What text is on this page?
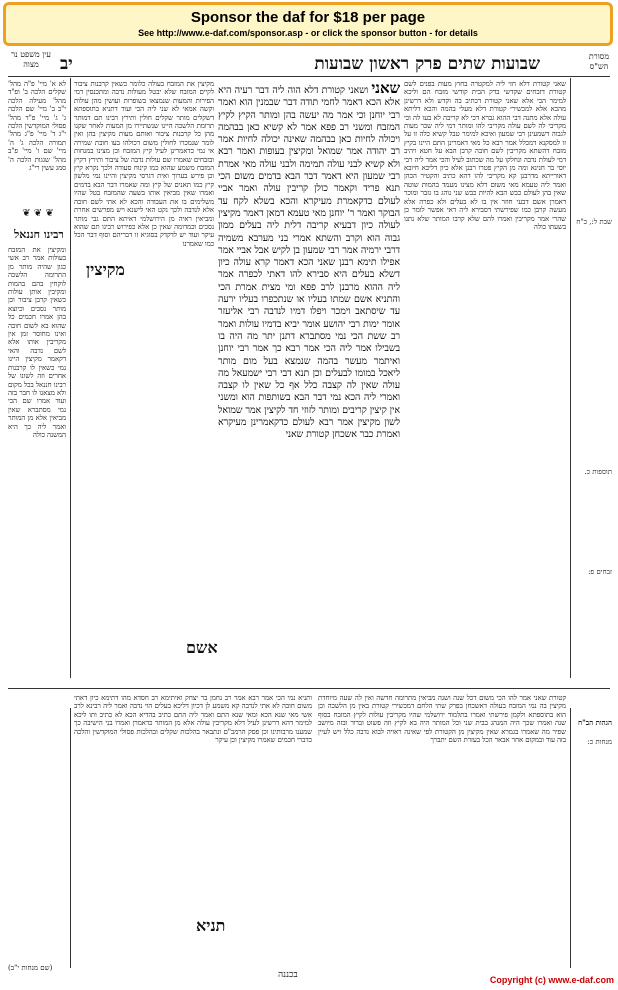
Sponsor the daf for $18 per page
See http://www.e-daf.com/sponsor.asp - or click the sponsor button - for details
מסורת הש"ס
עין משפט נר מצוה	שבועות שתים פרק ראשון שבועות
יב
שבת ל:, כ"ח
תוספות כ.
זבחים פ:
הגהות הב"ח
מנחות כ:
לא א' מיי' פ"ה מהל' שקלים הלכה ב' ופ"ד מהל' מעילה הלכה י"ב ב' מיי' שם הלכה ג' ג' מיי' פ"ד מהל' פסולי המוקדשין הלכה י"ג ד' מיי' פ"ג מהל' תמורה הלכה ג' ה' מיי' שם ו' מיי' פ"ב מהל' שגגות הלכה ה' סמג עשין רי"ג
❦ ❦ ❦
רבינו חננאל
ומקיצין את המזבח בעולות אמר רב אשי כגון שהיה מותר מן התרומה הלשכה לוקחין בהם בהמות ומקיבין אותן עולות כשאין קרבן ציבור וכן מותר נסכים וכיוצא בהן אמרו חכמים כל שהוא בא לשום חובה ואינו מחוסר זמן אין מקריבין אותו אלא לשם נדבה והאי דקאמר מקיצין היינו נמי כשאין לו קרבנות אחרים וזה לשונו של רבינו חננאל בכל מקום ולא מצאנו לו חבר בזה ועוד אמרו שם הכי נמי מסתברא שאין מביאין אלא מן המותר ואמר ליה כך היא המשנה כולה
מקיצין את המזבח בעולה כלומר כשאין קרבנות ציבור לקיים המזבח שלא יבטל מעולות נדבה ומתכנסין דמי הפירות והמעות שנמצאו בשופרות ועושין מהן עולות וקשה אמאי לא שני ליה הכי ועוד דתניא בתוספתא דשקלים מותר שקלים חולין ותירץ רבינו תם דמותר תרומת הלשכה היינו שנשתיירו מן המעות לאחר שקנו מהן כל קרבנות ציבור ואותם מעות מקיצין בהן ואין לומר שנמכרו לחולין משום דכולהו בעו חובת שמירה אי נמי כדאמרינן לעיל קיץ המזבח וכן מצינו במנחות ובזבחים שאמרו שם עולות נדבה של ציבור ותירץ דקיץ המזבח משמע שהוא כמו קינוח סעודה ולכך נקרא קיץ וכן פירש בערוך ואית דגרסי מקיצין והיינו נמי מלשון קיץ כמו תאנים של קיץ ומה שאמרו דבר הבא בדמים ואמרו שאין מביאין אותו בשעה שהמזבח בטל שהיו משלימים בו את העבודה והכא לא אתי לשם חובה אלא לנדבה ולכך נקט האי לישנא ויש מפרשים אחרת ומביאין ראיה מן הירושלמי דאיתא התם גבי מותר נסכים וכמדומה שאין כן אלא כפירוש רבינו תם שהוא עיקר ועוד יש לדקדק בסוגיא זו דבריהם וסוף דבר הכל כמו שאמרנו
מקיצין
אשם
שאני ושאני קטורת דלא הוה ליה דבר רעיה היא אלא הכא דאמר לחמי תודה דבר שבמנין הוא ואמר רבי יוחנן וכי אמר מה יעשה בהן ומותר הקיץ לקיץ המזבח ומשני רב פפא אמר לא קשיא כאן בבהמה ויכולה לחיות כאן בבהמה שאינה יכולה לחיות אמר רב יהודה אמר שמואל ומקיצין בעופות ואמר רבא ולא קשיא לבני עולה תמימה ולבני עולה מאי אמרת רבי שמעון היא דאמר דבר הבא בדמים משום הכי תנא פריד וקאמר כולן קריבין עולה ואמר אביי לעולם כדקאמרת מעיקרא והכא בשלא לקח עד הבוקר ואמר ר' יוחנן מאי טעמא דמאן דאמר מקיצין לעולה כיון דבעיא קריבה דלית ליה בעלים ממון גבוה הוא וקרב והשתא אמרי בני מערבא משמיה דרבי ירמיה אמר רבי שמעון בן לקיש אבל אביי אמר אפילו תימא רבנן שאני הכא דאמר קרא עולה כיון דשלא בעלים היא סבירא להו דאתי לכפרה אמר ליה ההוא מרבנן לרב פפא ומי מצית אמרת הכי והתניא אשם שמתו בעליו או שנתכפרו בעליו ירעה עד שיסתאב וימכר ויפלו דמיו לנדבה רבי אליעזר אומר ימות רבי יהושע אומר יביא בדמיו עולות ואמר רב ששת הכי נמי מסתברא דתנן יתר מה היה בו בשבילו אמר ליה הכי אמר רבא כך אמר רבי יוחנן ואיתמר מעשר בהמה שנמצא בעל מום מותר ליאכל במומו לבעלים וכן תנא דבי רבי ישמעאל מה עולה שאין לה קצבה כלל אף כל שאין לו קצבה ואמרי ליה הכא נמי דבר הבא בשותפות הוא ומשני אין קיצין קריבים ומותר לזוזי חד לקיצין אמר שמואל לשון מקיצין אמר רבא לעולם כדקאמרינן מעיקרא ואמרת כבר אשכחן קטורת שאני
שאני קטורת דלא חזי ליה למקטרה בחוץ מעות בפנים לשם קטורת דזבחים שקדשי בדק הבית קודשי מזבח הם וליכא למימר הכי אלא שאני קטורת דכתיב בה וקדש ולא דרשינן מהכא אלא למכשירי קטורת דלא מעלי בהמה והכא דליתא עולה אלא מתנה דבי ההוא גברא דכי לא קריבה לא בעו לה וכי מקריבי לה לשם עולה מקריבי להו ומותר דמי ליה שכר מעות לגבוה דשמעינן רבי שמעון ואיכא למימר טבל קשיא כלה זו על זו למסקנא דמכלל אמר רבא כל מאי דאמרינן התם היינו בקיץ מזבח דהשתא מקריבין לשם חובה קרבן הבא על חטא ויהיב דמי לעולת נדבה ונחלקו על מה שכתוב לעיל והכי אמר ליה רבי יוסי בר חנינא ומה מן הקיץ פטרו רבנן אלא כיון דליכא חיובא דאורייתא מדרבנן קא מקריבי להו דהא כתיב והקטיר הכהן ואמר ליה טעמא מאי משום דלא מצינו מעמד בהמות שוטה שאין בהן לעולם כבש הבא להיות כבש שני נוהג בו גזבר ומוכר דאמרן אשם דבעי חוזר אין בו לא בעלים ולא כפרה אלא מעשה קרבן כמו שפירשתי דסבירא ליה דאי אפשר לומר כן שהרי אמר מקריבין ואמרו להם שלא קרבו המותר שלא נתנו בשעתו כולה
ותניא נמי הכי אמר רבא אמר רב נחמן בר יצחק ואיתימא רב חסדא מהו דתימא כיון דאתי משום חובה לא אתי לנדבה קא משמע לן דכיון דליכא בעלים הוי נדבה ואמר ליה רבינא לרב אשי מאי שנא הכא ומאי שנא התם ואמר ליה התם כתיב בהדיא הכא לא כתיב ותו ליכא למימר דהא דרשינן לעיל דלא מקריבין עולה אלא מן המותר כדאמרן ואמרו בני הישיבה כך שמענו מרבותינו וכן פסק הרמב"ם ונתבאר בהלכות שקלים ובהלכות פסולי המוקדשין והלכה כדברי חכמים שאמרו מקיצין וכן עיקר
תניא
קטורת שאני אמר להו הכי משום דכל שנה ושנה מביאין מתרומה חדשה ואין לה שעה מיוחדת מקיצין בה נמי המזבח בעולה דאשכחן בפרק שתי הלחם דמכשירי קטורת באין מן הלשכה וכן הוא בתוספתא ולקמן פירשתי ואמרו בתלמוד ירושלמי שהיו מקריבין עולות לקיץ המזבח בסוף שנה ואמרו שכך היה המנהג בבית שני וכל המותר היה בא לקיץ וזה פשוט וברור ובזה מיושב שפיר מה שאמרו בגמרא שאין מקיצין מן הקטורת לפי שאינה ראויה לבוא נדבה כלל ויש לעיין בזה עוד ובמקום אחר אבאר הכל בעזרת השם יתברך
(שם מנחות י"ב)
בכננה	Copyright (c) www.e-daf.com
